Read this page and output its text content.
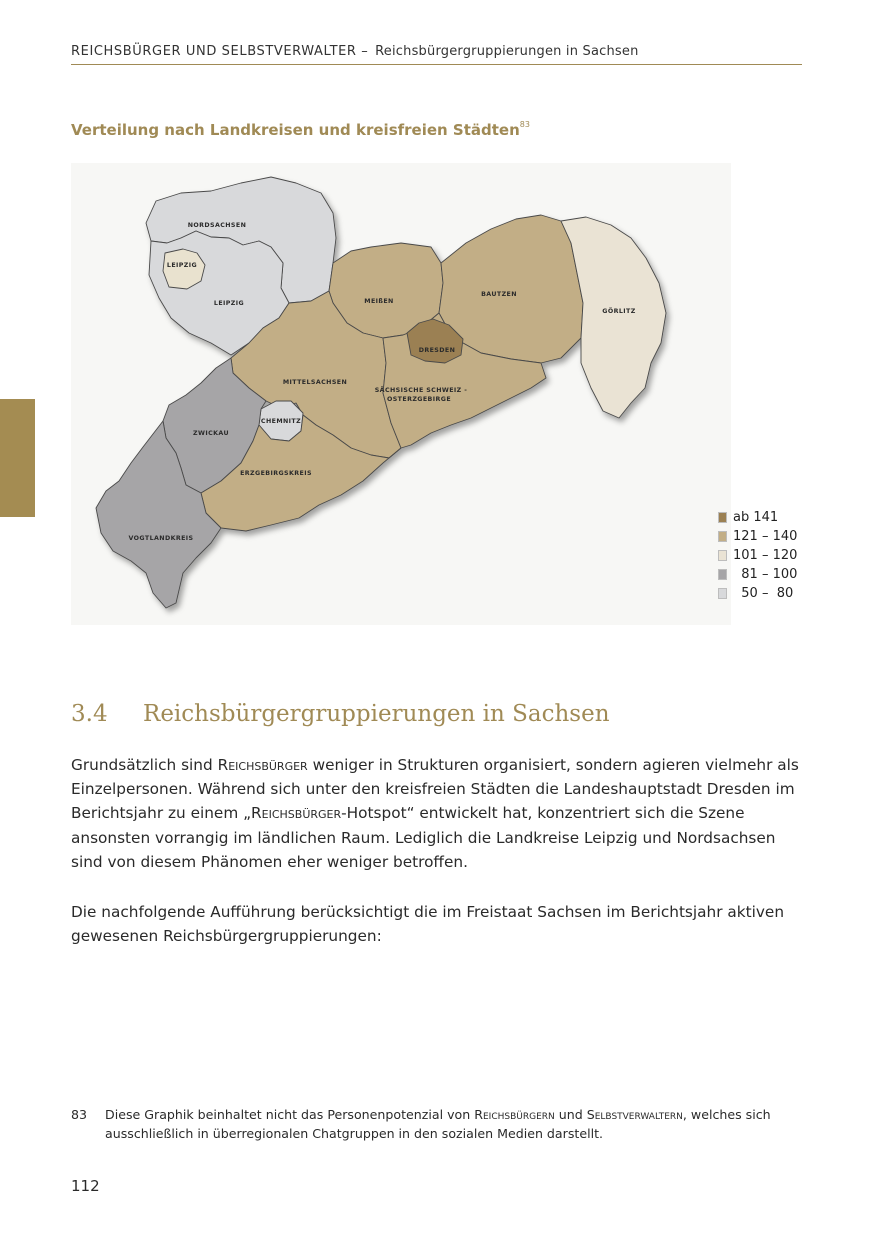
REICHSBÜRGER UND SELBSTVERWALTER – Reichsbürgergruppierungen in Sachsen
Verteilung nach Landkreisen und kreisfreien Städten$^{83}$
NORDSACHSEN
LEIPZIG
LEIPZIG	MEIßEN
BAUTZEN
GÖRLITZ
DRESDEN
MITTELSACHSEN
SÄCHSISCHE SCHWEIZ -
OSTERZGEBIRGE
CHEMNITZ
ZWICKAU
ERZGEBIRGSKREIS
VOGTLANDKREIS
ab 141
121 – 140
101 – 120
81 – 100
50 –  80
3.4 Reichsbürgergruppierungen in Sachsen

Grundsätzlich sind Reichsbürger weniger in Strukturen organisiert, sondern agieren vielmehr als Einzelpersonen. Während sich unter den kreisfreien Städten die Landeshauptstadt Dresden im Berichtsjahr zu einem „Reichsbürger-Hotspot“ entwickelt hat, konzentriert sich die Szene ansonsten vorrangig im ländlichen Raum. Lediglich die Landkreise Leipzig und Nordsachsen sind von diesem Phänomen eher weniger betroffen.

Die nachfolgende Aufführung berücksichtigt die im Freistaat Sachsen im Berichtsjahr aktiven gewesenen Reichsbürgergruppierungen:

83 Diese Graphik beinhaltet nicht das Personenpotenzial von Reichsbürgern und Selbstverwaltern, welches sich ausschließlich in überregionalen Chatgruppen in den sozialen Medien darstellt.
112
